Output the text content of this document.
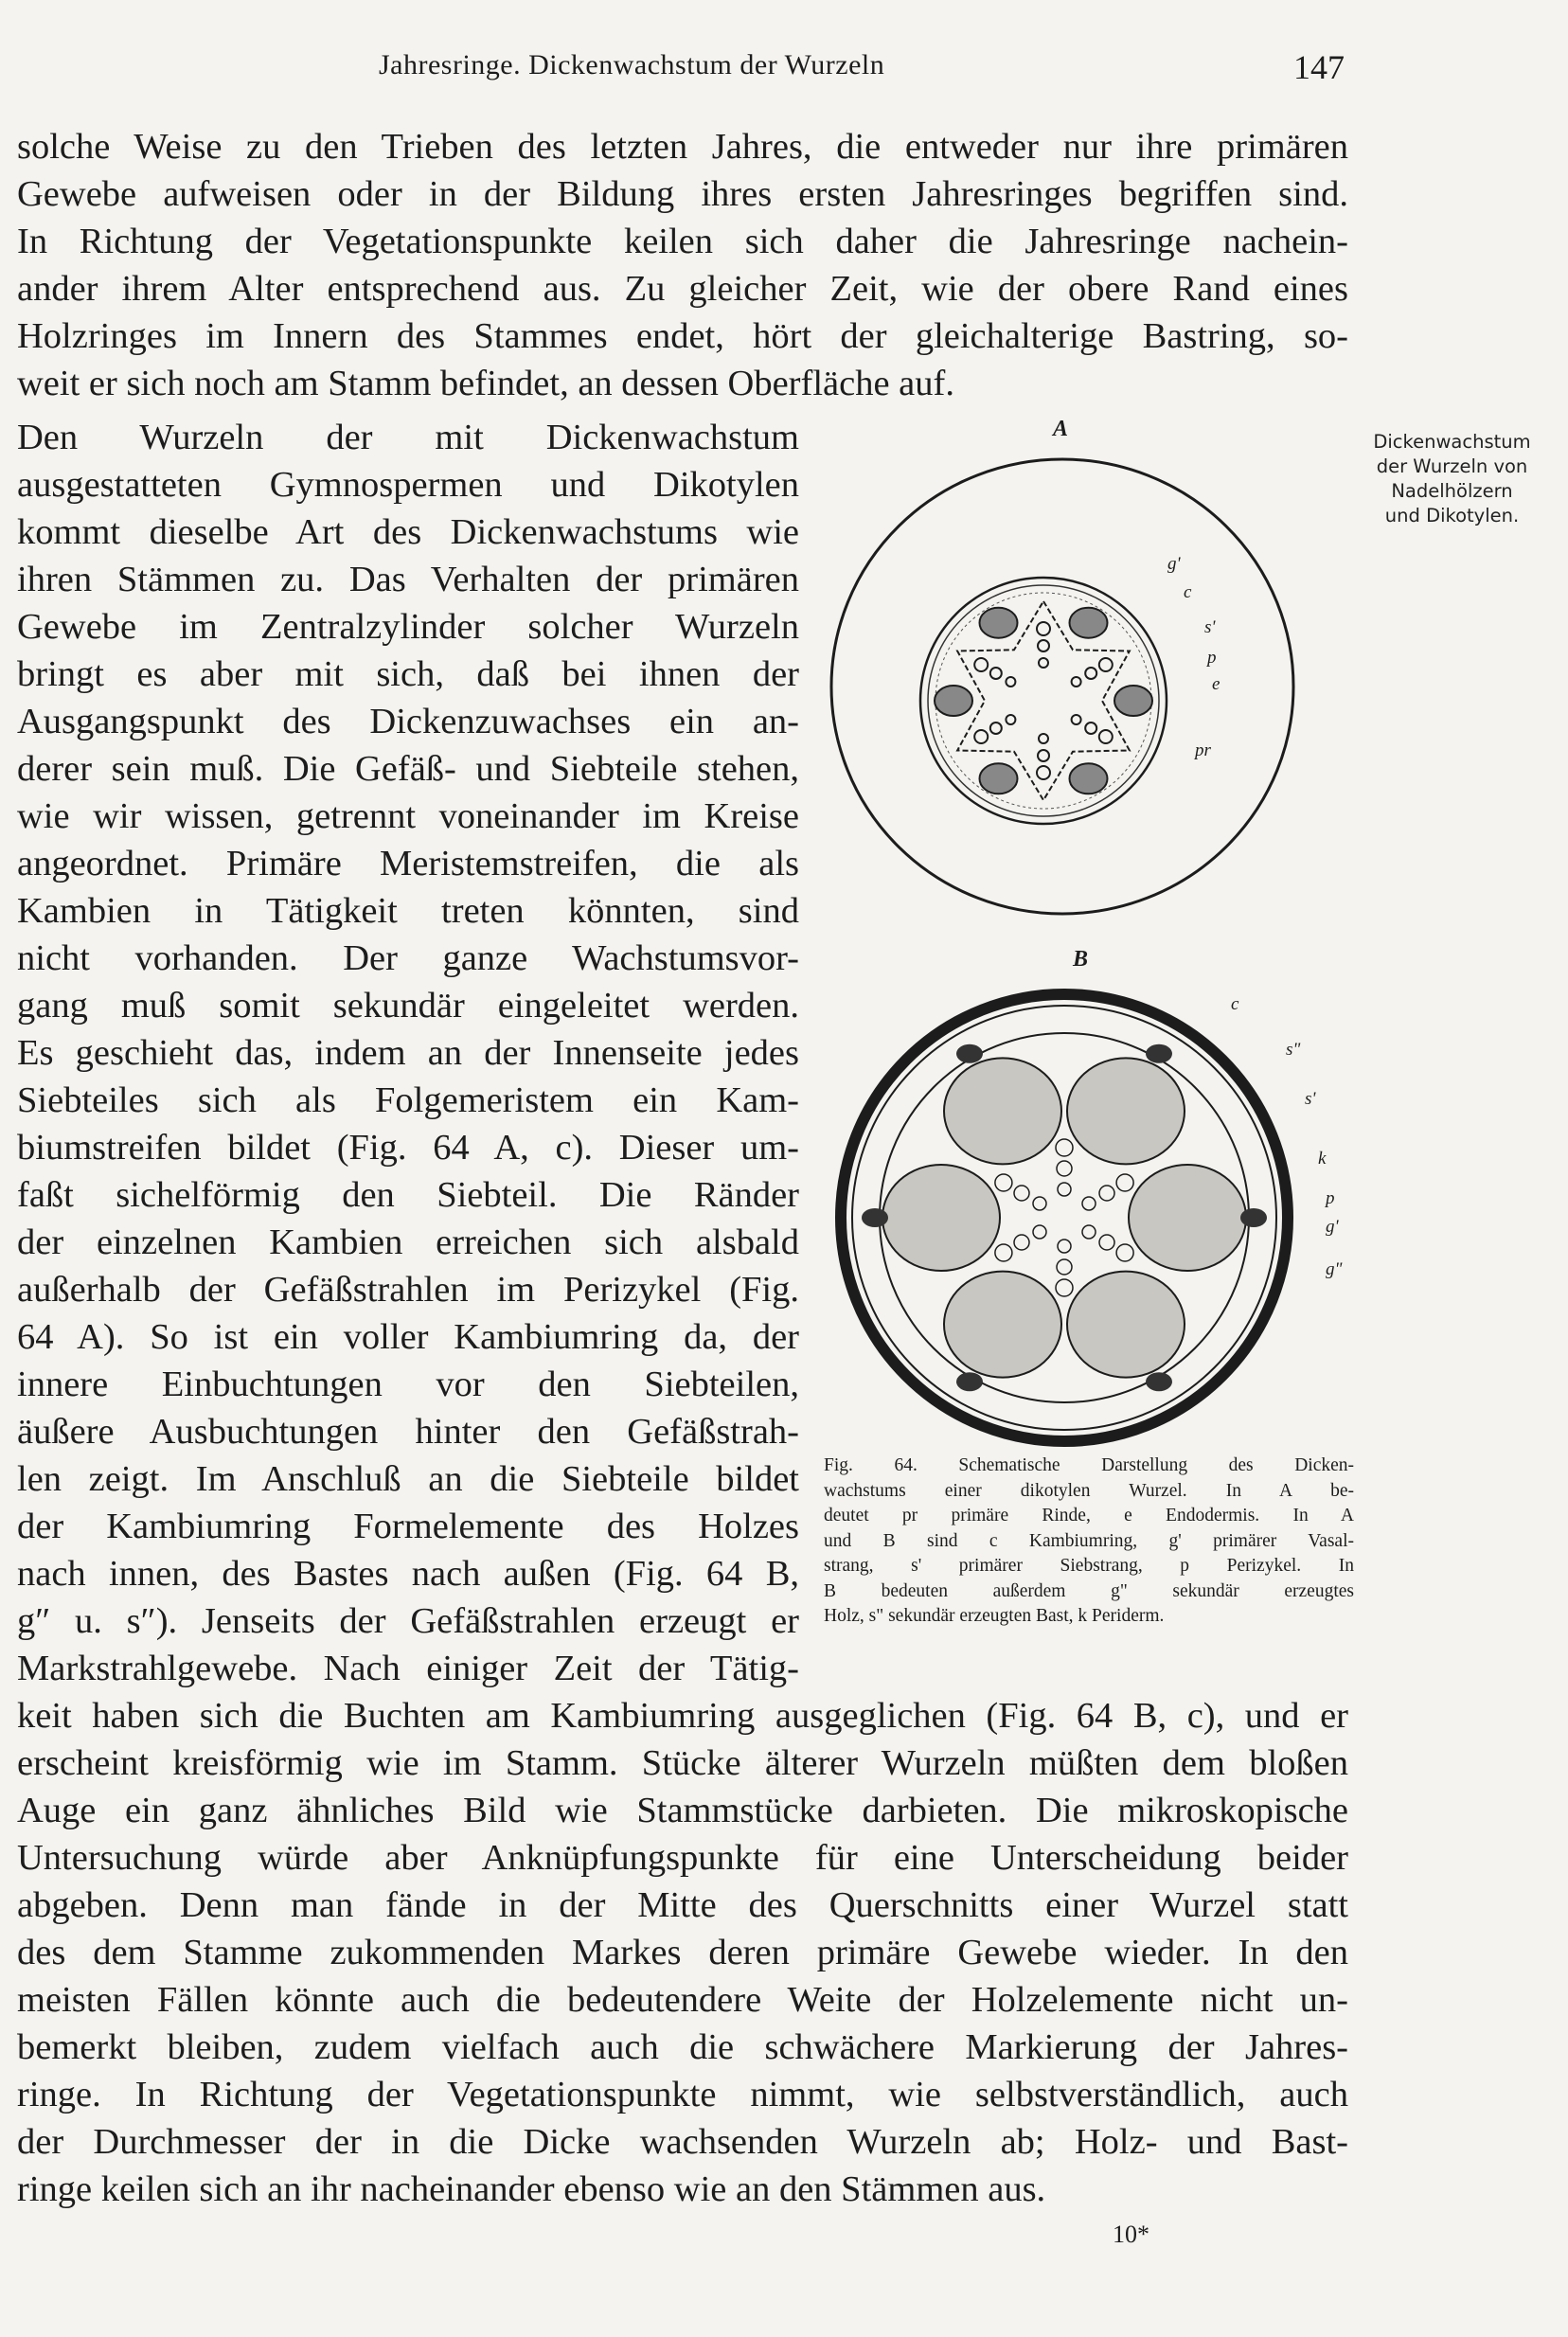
Jahresringe. Dickenwachstum der Wurzeln	147
solche Weise zu den Trieben des letzten Jahres, die entweder nur ihre primären
Gewebe aufweisen oder in der Bildung ihres ersten Jahresringes begriffen sind.
In Richtung der Vegetationspunkte keilen sich daher die Jahresringe nachein-
ander ihrem Alter entsprechend aus. Zu gleicher Zeit, wie der obere Rand eines
Holzringes im Innern des Stammes endet, hört der gleichalterige Bastring, so-
weit er sich noch am Stamm befindet, an dessen Oberfläche auf.
Den Wurzeln der mit Dickenwachstum
ausgestatteten Gymnospermen und Dikotylen
kommt dieselbe Art des Dickenwachstums wie
ihren Stämmen zu. Das Verhalten der primären
Gewebe im Zentralzylinder solcher Wurzeln
bringt es aber mit sich, daß bei ihnen der
Ausgangspunkt des Dickenzuwachses ein an-
derer sein muß. Die Gefäß- und Siebteile stehen,
wie wir wissen, getrennt voneinander im Kreise
angeordnet. Primäre Meristemstreifen, die als
Kambien in Tätigkeit treten könnten, sind
nicht vorhanden. Der ganze Wachstumsvor-
gang muß somit sekundär eingeleitet werden.
Es geschieht das, indem an der Innenseite jedes
Siebteiles sich als Folgemeristem ein Kam-
biumstreifen bildet (Fig. 64 A, c). Dieser um-
faßt sichelförmig den Siebteil. Die Ränder
der einzelnen Kambien erreichen sich alsbald
außerhalb der Gefäßstrahlen im Perizykel (Fig.
64 A). So ist ein voller Kambiumring da, der
innere Einbuchtungen vor den Siebteilen,
äußere Ausbuchtungen hinter den Gefäßstrah-
len zeigt. Im Anschluß an die Siebteile bildet
der Kambiumring Formelemente des Holzes
nach innen, des Bastes nach außen (Fig. 64 B,
g″ u. s″). Jenseits der Gefäßstrahlen erzeugt er
Markstrahlgewebe. Nach einiger Zeit der Tätig-
keit haben sich die Buchten am Kambiumring ausgeglichen (Fig. 64 B, c), und er
erscheint kreisförmig wie im Stamm. Stücke älterer Wurzeln müßten dem bloßen
Auge ein ganz ähnliches Bild wie Stammstücke darbieten. Die mikroskopische
Untersuchung würde aber Anknüpfungspunkte für eine Unterscheidung beider
abgeben. Denn man fände in der Mitte des Querschnitts einer Wurzel statt
des dem Stamme zukommenden Markes deren primäre Gewebe wieder. In den
meisten Fällen könnte auch die bedeutendere Weite der Holzelemente nicht un-
bemerkt bleiben, zudem vielfach auch die schwächere Markierung der Jahres-
ringe. In Richtung der Vegetationspunkte nimmt, wie selbstverständlich, auch
der Durchmesser der in die Dicke wachsenden Wurzeln ab; Holz- und Bast-
ringe keilen sich an ihr nacheinander ebenso wie an den Stämmen aus.
Dickenwachstum
der Wurzeln von
Nadelhölzern
und Dikotylen.
A
g'
c
s'
p
e
pr
B
c
s"
s'
k
p
g'
g"
Fig. 64. Schematische Darstellung des Dicken-
wachstums einer dikotylen Wurzel. In A be-
deutet pr primäre Rinde, e Endodermis. In A
und B sind c Kambiumring, g' primärer Vasal-
strang, s' primärer Siebstrang, p Perizykel. In
B bedeuten außerdem g" sekundär erzeugtes
Holz, s" sekundär erzeugten Bast, k Periderm.
10*
